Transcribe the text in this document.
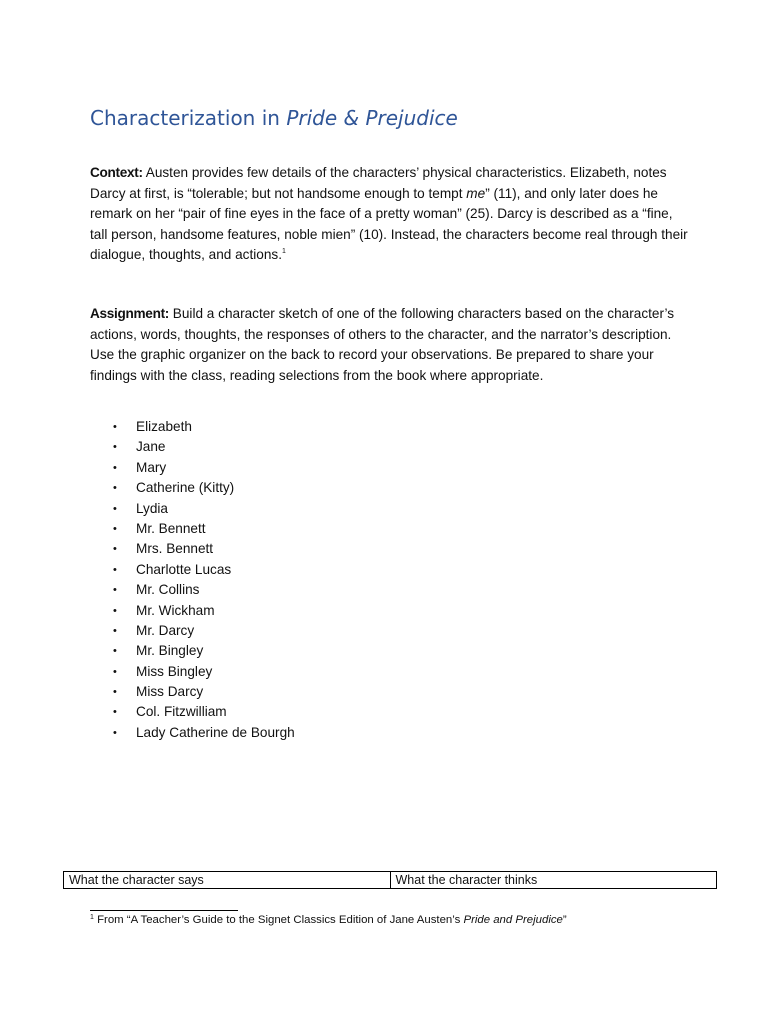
Characterization in Pride & Prejudice
Context: Austen provides few details of the characters’ physical characteristics. Elizabeth, notes Darcy at first, is “tolerable; but not handsome enough to tempt me” (11), and only later does he remark on her “pair of fine eyes in the face of a pretty woman” (25). Darcy is described as a “fine, tall person, handsome features, noble mien” (10). Instead, the characters become real through their dialogue, thoughts, and actions.$^1$
Assignment: Build a character sketch of one of the following characters based on the character’s actions, words, thoughts, the responses of others to the character, and the narrator’s description. Use the graphic organizer on the back to record your observations. Be prepared to share your findings with the class, reading selections from the book where appropriate.
• Elizabeth
• Jane
• Mary
• Catherine (Kitty)
• Lydia
• Mr. Bennett
• Mrs. Bennett
• Charlotte Lucas
• Mr. Collins
• Mr. Wickham
• Mr. Darcy
• Mr. Bingley
• Miss Bingley
• Miss Darcy
• Col. Fitzwilliam
• Lady Catherine de Bourgh
What the character says	What the character thinks
$^1$ From “A Teacher’s Guide to the Signet Classics Edition of Jane Austen’s Pride and Prejudice”
